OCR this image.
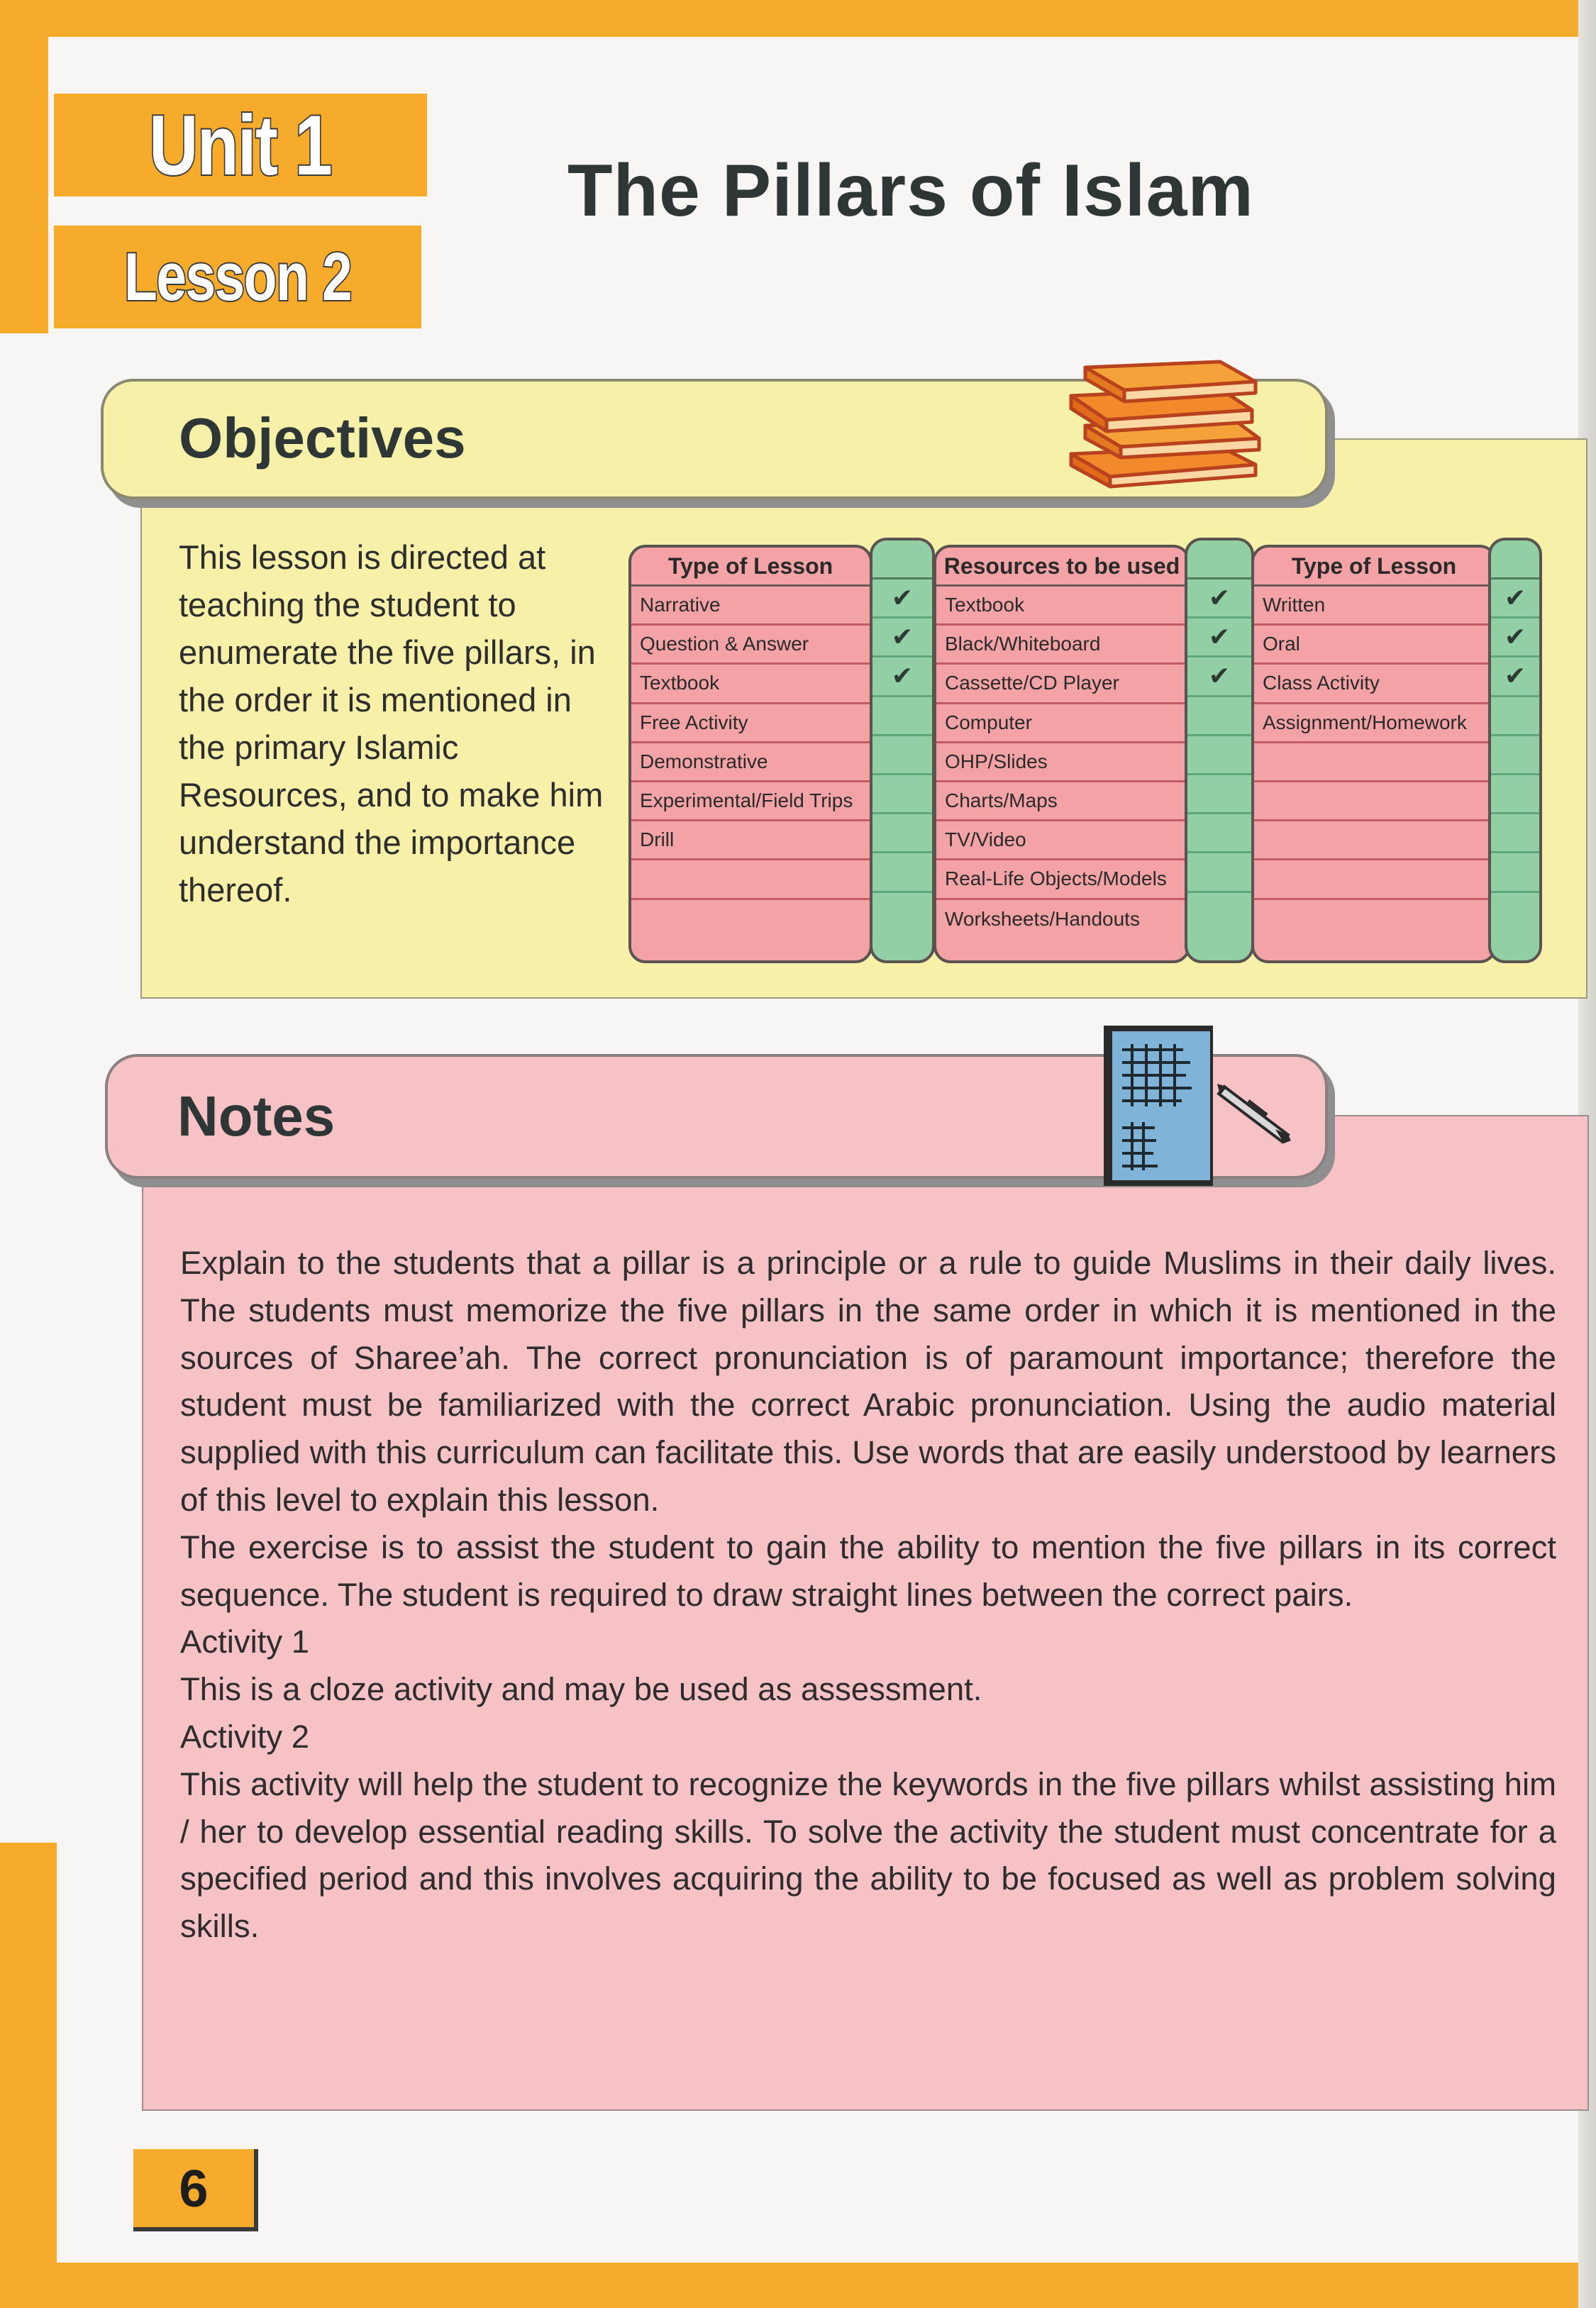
Unit 1
Lesson 2
The Pillars of Islam
Objectives
This lesson is directed at teaching the student to enumerate the five pillars, in the order it is mentioned in the primary Islamic Resources, and to make him understand the importance thereof.
Type of Lesson
Narrative
Question & Answer
Textbook
Free Activity
Demonstrative
Experimental/Field Trips
Drill
✔
✔
✔
Resources to be used
Textbook
Black/Whiteboard
Cassette/CD Player
Computer
OHP/Slides
Charts/Maps
TV/Video
Real-Life Objects/Models
Worksheets/Handouts
✔
✔
✔
Type of Lesson
Written
Oral
Class Activity
Assignment/Homework
✔
✔
✔
Notes

Explain to the students that a pillar is a principle or a rule to guide Muslims in their daily lives. The students must memorize the five pillars in the same order in which it is mentioned in the sources of Sharee’ah. The correct pronunciation is of paramount importance; therefore the student must be familiarized with the correct Arabic pronunciation. Using the audio material supplied with this curriculum can facilitate this. Use words that are easily understood by learners of this level to explain this lesson.

The exercise is to assist the student to gain the ability to mention the five pillars in its correct sequence. The student is required to draw straight lines between the correct pairs.

Activity 1

This is a cloze activity and may be used as assessment.

Activity 2

This activity will help the student to recognize the keywords in the five pillars whilst assisting him / her to develop essential reading skills. To solve the activity the student must concentrate for a specified period and this involves acquiring the ability to be focused as well as problem solving skills.

6
